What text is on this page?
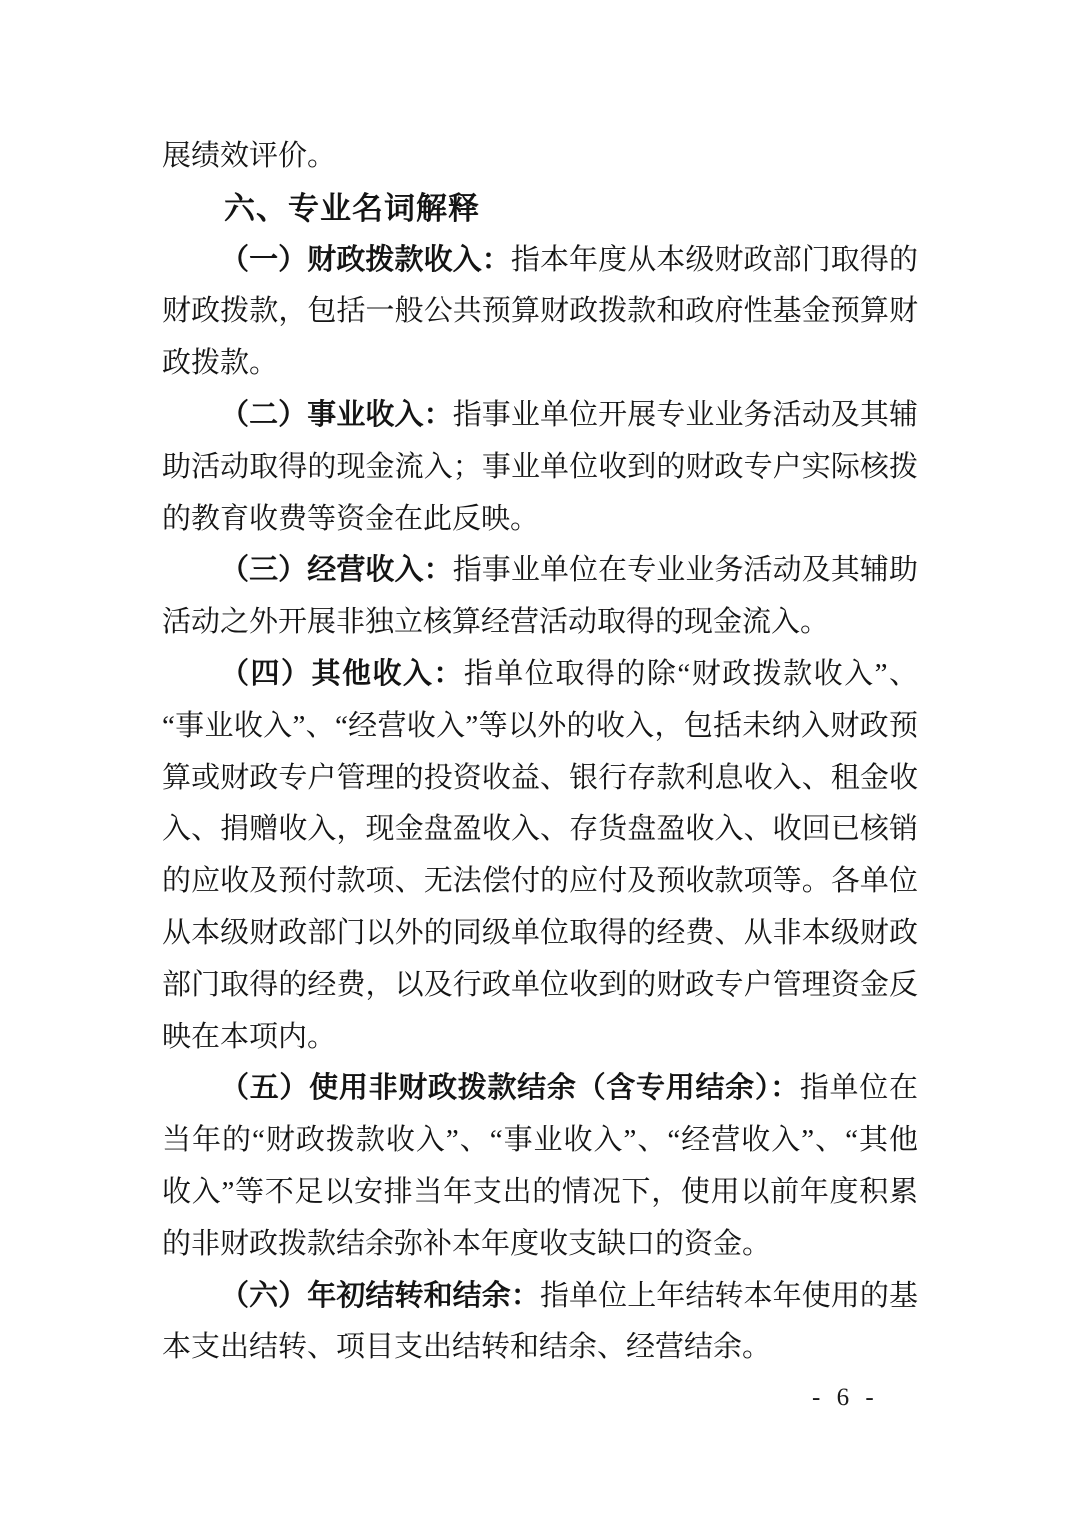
展绩效评价。

六、专业名词解释

（一）财政拨款收入：指本年度从本级财政部门取得的财政拨款，包括一般公共预算财政拨款和政府性基金预算财政拨款。

（二）事业收入：指事业单位开展专业业务活动及其辅助活动取得的现金流入；事业单位收到的财政专户实际核拨的教育收费等资金在此反映。

（三）经营收入：指事业单位在专业业务活动及其辅助活动之外开展非独立核算经营活动取得的现金流入。

（四）其他收入：指单位取得的除“财政拨款收入”、“事业收入”、“经营收入”等以外的收入，包括未纳入财政预算或财政专户管理的投资收益、银行存款利息收入、租金收入、捐赠收入，现金盘盈收入、存货盘盈收入、收回已核销的应收及预付款项、无法偿付的应付及预收款项等。各单位从本级财政部门以外的同级单位取得的经费、从非本级财政部门取得的经费，以及行政单位收到的财政专户管理资金反映在本项内。

（五）使用非财政拨款结余（含专用结余）：指单位在当年的“财政拨款收入”、“事业收入”、“经营收入”、“其他收入”等不足以安排当年支出的情况下，使用以前年度积累的非财政拨款结余弥补本年度收支缺口的资金。

（六）年初结转和结余：指单位上年结转本年使用的基本支出结转、项目支出结转和结余、经营结余。

- 6 -
